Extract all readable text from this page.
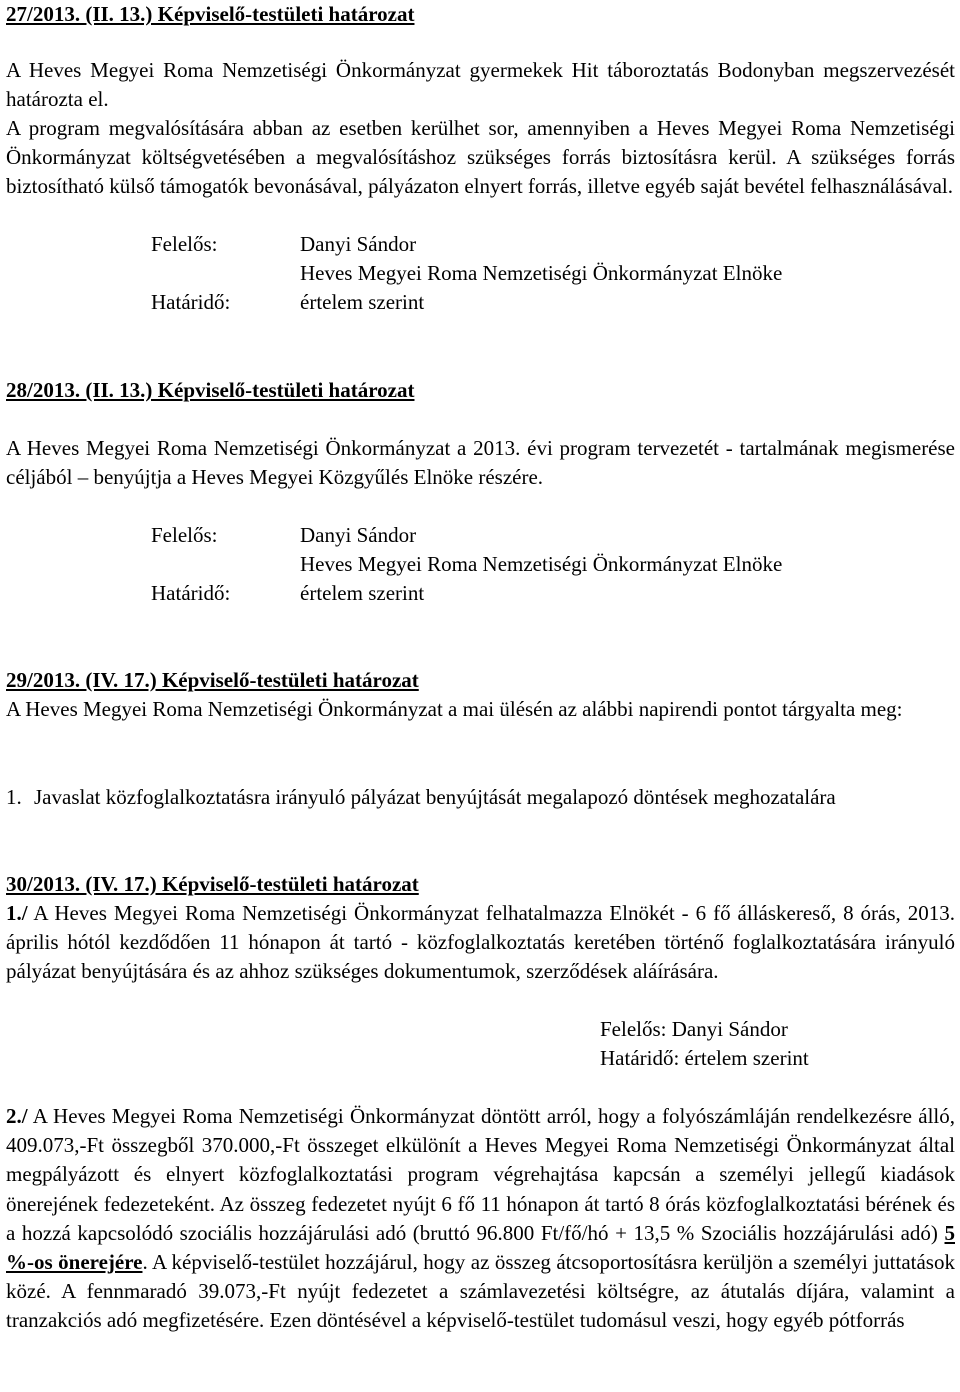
27/2013. (II. 13.) Képviselő-testületi határozat

A Heves Megyei Roma Nemzetiségi Önkormányzat gyermekek Hit táboroztatás Bodonyban megszervezését határozta el.

A program megvalósítására abban az esetben kerülhet sor, amennyiben a Heves Megyei Roma Nemzetiségi Önkormányzat költségvetésében a megvalósításhoz szükséges forrás biztosításra kerül. A szükséges forrás biztosítható külső támogatók bevonásával, pályázaton elnyert forrás, illetve egyéb saját bevétel felhasználásával.

Felelős:	Danyi Sándor
Heves Megyei Roma Nemzetiségi Önkormányzat Elnöke
Határidő:	értelem szerint
28/2013. (II. 13.) Képviselő-testületi határozat

A Heves Megyei Roma Nemzetiségi Önkormányzat a 2013. évi program tervezetét - tartalmának megismerése céljából – benyújtja a Heves Megyei Közgyűlés Elnöke részére.

Felelős:	Danyi Sándor
Heves Megyei Roma Nemzetiségi Önkormányzat Elnöke
Határidő:	értelem szerint
29/2013. (IV. 17.) Képviselő-testületi határozat

A Heves Megyei Roma Nemzetiségi Önkormányzat a mai ülésén az alábbi napirendi pontot tárgyalta meg:

1. Javaslat közfoglalkoztatásra irányuló pályázat benyújtását megalapozó döntések meghozatalára
30/2013. (IV. 17.) Képviselő-testületi határozat

1./ A Heves Megyei Roma Nemzetiségi Önkormányzat felhatalmazza Elnökét - 6 fő álláskereső, 8 órás, 2013. április hótól kezdődően 11 hónapon át tartó - közfoglalkoztatás keretében történő foglalkoztatására irányuló pályázat benyújtására és az ahhoz szükséges dokumentumok, szerződések aláírására.

Felelős: Danyi Sándor
Határidő: értelem szerint

2./ A Heves Megyei Roma Nemzetiségi Önkormányzat döntött arról, hogy a folyószámláján rendelkezésre álló, 409.073,-Ft összegből 370.000,-Ft összeget elkülönít a Heves Megyei Roma Nemzetiségi Önkormányzat által megpályázott és elnyert közfoglalkoztatási program végrehajtása kapcsán a személyi jellegű kiadások önerejének fedezeteként. Az összeg fedezetet nyújt 6 fő 11 hónapon át tartó 8 órás közfoglalkoztatási bérének és a hozzá kapcsolódó szociális hozzájárulási adó (bruttó 96.800 Ft/fő/hó + 13,5 % Szociális hozzájárulási adó) 5 %-os önerejére. A képviselő-testület hozzájárul, hogy az összeg átcsoportosításra kerüljön a személyi juttatások közé. A fennmaradó 39.073,-Ft nyújt fedezetet a számlavezetési költségre, az átutalás díjára, valamint a tranzakciós adó megfizetésére. Ezen döntésével a képviselő-testület tudomásul veszi, hogy egyéb pótforrás
